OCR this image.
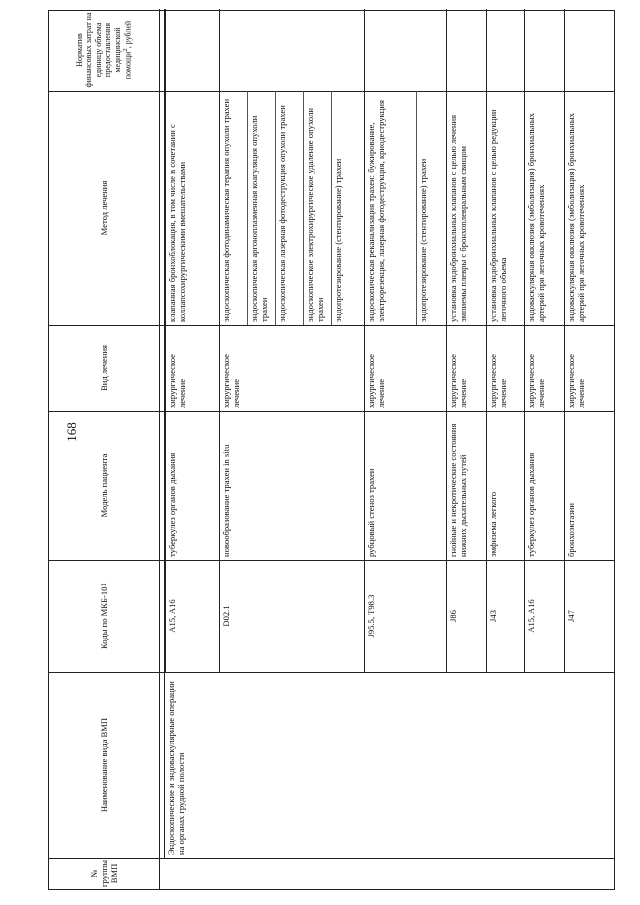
168
№ группы ВМП
Наименование вида ВМП
Коды по МКБ-10
1
Модель пациента
Вид лечения
Метод лечения
Норматив финансовых затрат на единицу объема предоставления медицинской помощи$^2$, рублей
Эндоскопические и эндоваскулярные операции на органах грудной полости
A15, A16
туберкулез органов дыхания
хирургическое лечение
клапанная бронхоблокация, в том числе в сочетании с коллапсохирургическими вмешательствами
D02.1
новообразование трахеи in situ
хирургическое лечение
эндоскопическая фотодинамическая терапия опухоли трахеи эндоскопическая аргоноплазменная коагуляция опухоли трахеи эндоскопическая лазерная фотодеструкция опухоли трахеи эндоскопическое электрохирургическое удаление опухоли трахеи эндопротезирование (стентирование) трахеи
J95.5, T98.3
рубцовый стеноз трахеи
хирургическое лечение
эндоскопическая реканализация трахеи: бужирование, электрорезекция, лазерная фотодеструкция, криодеструкция	эндопротезирование (стентирование) трахеи
J86
гнойные и некротические состояния нижних дыхательных путей
хирургическое лечение
установка эндобронхиальных клапанов с целью лечения эмпиемы плевры с бронхоплевральным свищом
J43
эмфизема легкого
хирургическое лечение
установка эндобронхиальных клапанов с целью редукции легочного объема
A15, A16
туберкулез органов дыхания
хирургическое лечение
эндоваскулярная окклюзия (эмболизация) бронхиальных артерий при легочных кровотечениях
J47
бронхоэктазии
хирургическое лечение
эндоваскулярная окклюзия (эмболизация) бронхиальных артерий при легочных кровотечениях
